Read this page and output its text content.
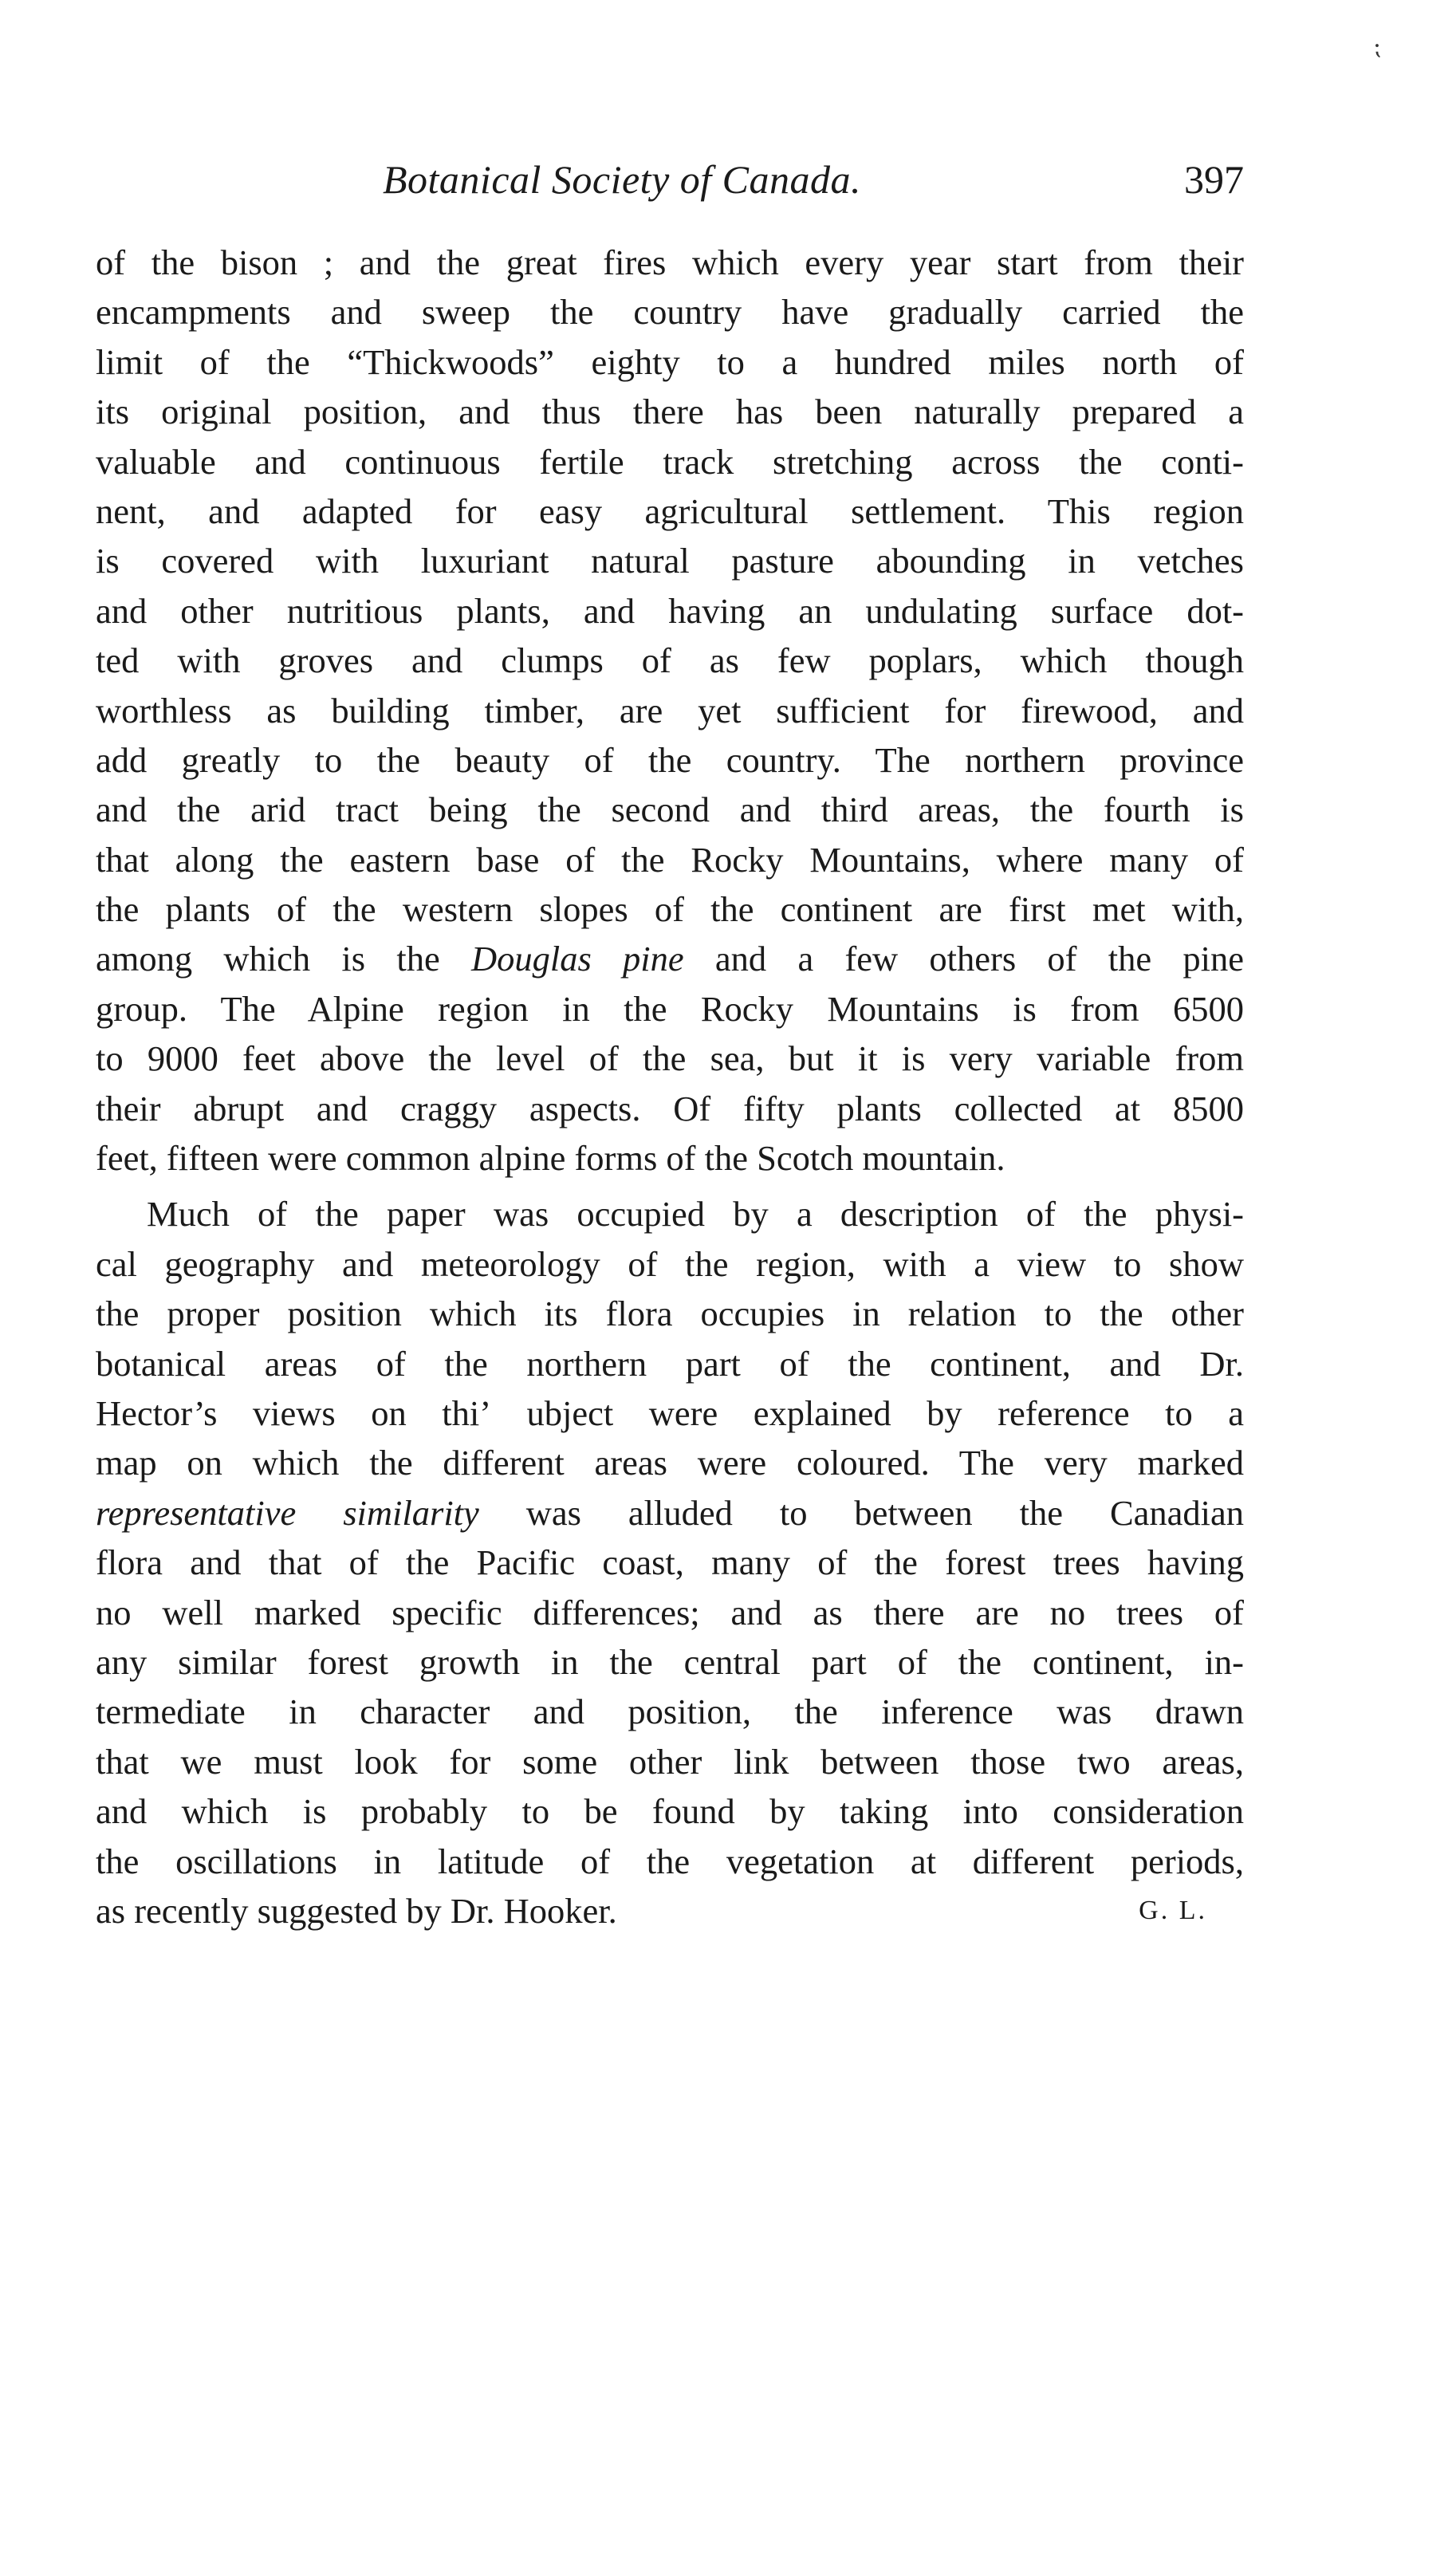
⁏
Botanical Society of Canada.	397
of the bison ; and the great fires which every year start from their
encampments and sweep the country have gradually carried the
limit of the “Thickwoods” eighty to a hundred miles north of
its original position, and thus there has been naturally prepared a
valuable and continuous fertile track stretching across the conti-
nent, and adapted for easy agricultural settlement. This region
is covered with luxuriant natural pasture abounding in vetches
and other nutritious plants, and having an undulating surface dot-
ted with groves and clumps of as few poplars, which though
worthless as building timber, are yet sufficient for firewood, and
add greatly to the beauty of the country. The northern province
and the arid tract being the second and third areas, the fourth is
that along the eastern base of the Rocky Mountains, where many of
the plants of the western slopes of the continent are first met with,
among which is the Douglas pine and a few others of the pine
group. The Alpine region in the Rocky Mountains is from 6500
to 9000 feet above the level of the sea, but it is very variable from
their abrupt and craggy aspects. Of fifty plants collected at 8500
feet, fifteen were common alpine forms of the Scotch mountain.
Much of the paper was occupied by a description of the physi-
cal geography and meteorology of the region, with a view to show
the proper position which its flora occupies in relation to the other
botanical areas of the northern part of the continent, and Dr.
Hector’s views on thiʼ ubject were explained by reference to a
map on which the different areas were coloured. The very marked
representative similarity was alluded to between the Canadian
flora and that of the Pacific coast, many of the forest trees having
no well marked specific differences; and as there are no trees of
any similar forest growth in the central part of the continent, in-
termediate in character and position, the inference was drawn
that we must look for some other link between those two areas,
and which is probably to be found by taking into consideration
the oscillations in latitude of the vegetation at different periods,
as recently suggested by Dr. Hooker.	G. L.
